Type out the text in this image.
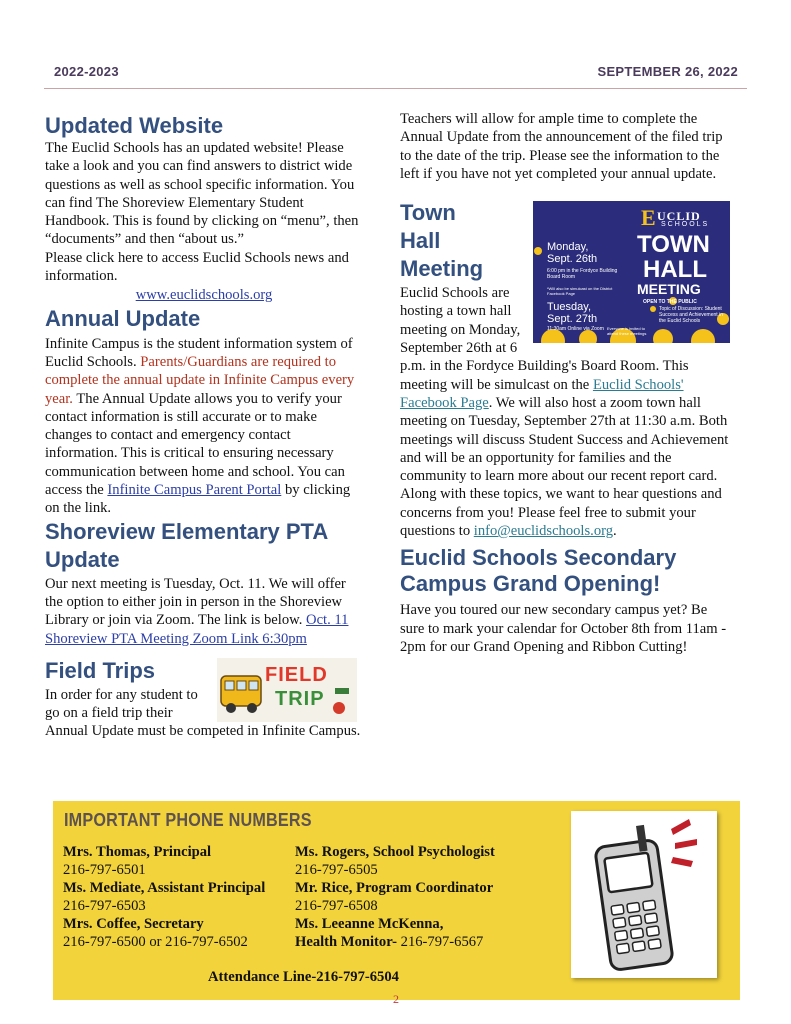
2022-2023	SEPTEMBER 26, 2022
Updated Website

The Euclid Schools has an updated website! Please take a look and you can find answers to district wide questions as well as school specific information. You can find The Shoreview Elementary Student Handbook. This is found by clicking on “menu”, then “documents” and then “about us.”

Please click here to access Euclid Schools news and information.

www.euclidschools.org

Annual Update
Infinite Campus is the student information system of Euclid Schools. Parents/Guardians are required to complete the annual update in Infinite Campus every year. The Annual Update allows you to verify your contact information is still accurate or to make changes to contact and emergency contact information. This is critical to ensuring necessary communication between home and school. You can access the Infinite Campus Parent Portal by clicking on the link.
Shoreview Elementary PTA Update
Our next meeting is Tuesday, Oct. 11. We will offer the option to either join in person in the Shoreview Library or join via Zoom. The link is below. Oct. 11 Shoreview PTA Meeting Zoom Link 6:30pm
FIELD
TRIP
Field Trips
In order for any student to go on a field trip their Annual Update must be competed in Infinite Campus.
Teachers will allow for ample time to complete the Annual Update from the announcement of the filed trip to the date of the trip. Please see the information to the left if you have not yet completed your annual update.
E UCLID
SCHOOLS
TOWN
HALL
MEETING
OPEN TO THE PUBLIC
Monday,
Sept. 26th
6:00 pm in the Fordyce Building Board Room
*Will also be simulcast on the District Facebook Page
Tuesday,
Sept. 27th
11:30am Online via Zoom Everyone is invited to attend these meetings
Topic of Discussion: Student Success and Achievement in the Euclid Schools
Town Hall Meeting
Euclid Schools are hosting a town hall meeting on Monday, September 26th at 6 p.m. in the Fordyce Building's Board Room. This meeting will be simulcast on the Euclid Schools' Facebook Page. We will also host a zoom town hall meeting on Tuesday, September 27th at 11:30 a.m. Both meetings will discuss Student Success and Achievement and will be an opportunity for families and the community to learn more about our recent report card. Along with these topics, we want to hear questions and concerns from you! Please feel free to submit your questions to info@euclidschools.org.
Euclid Schools Secondary Campus Grand Opening!
Have you toured our new secondary campus yet? Be sure to mark your calendar for October 8th from 11am - 2pm for our Grand Opening and Ribbon Cutting!
IMPORTANT PHONE NUMBERS
Mrs. Thomas, Principal
216-797-6501
Ms. Mediate, Assistant Principal
216-797-6503
Mrs. Coffee, Secretary
216-797-6500 or 216-797-6502
Ms. Rogers, School Psychologist
216-797-6505
Mr. Rice, Program Coordinator
216-797-6508
Ms. Leeanne McKenna,
Health Monitor- 216-797-6567
Attendance Line-216-797-6504
2
